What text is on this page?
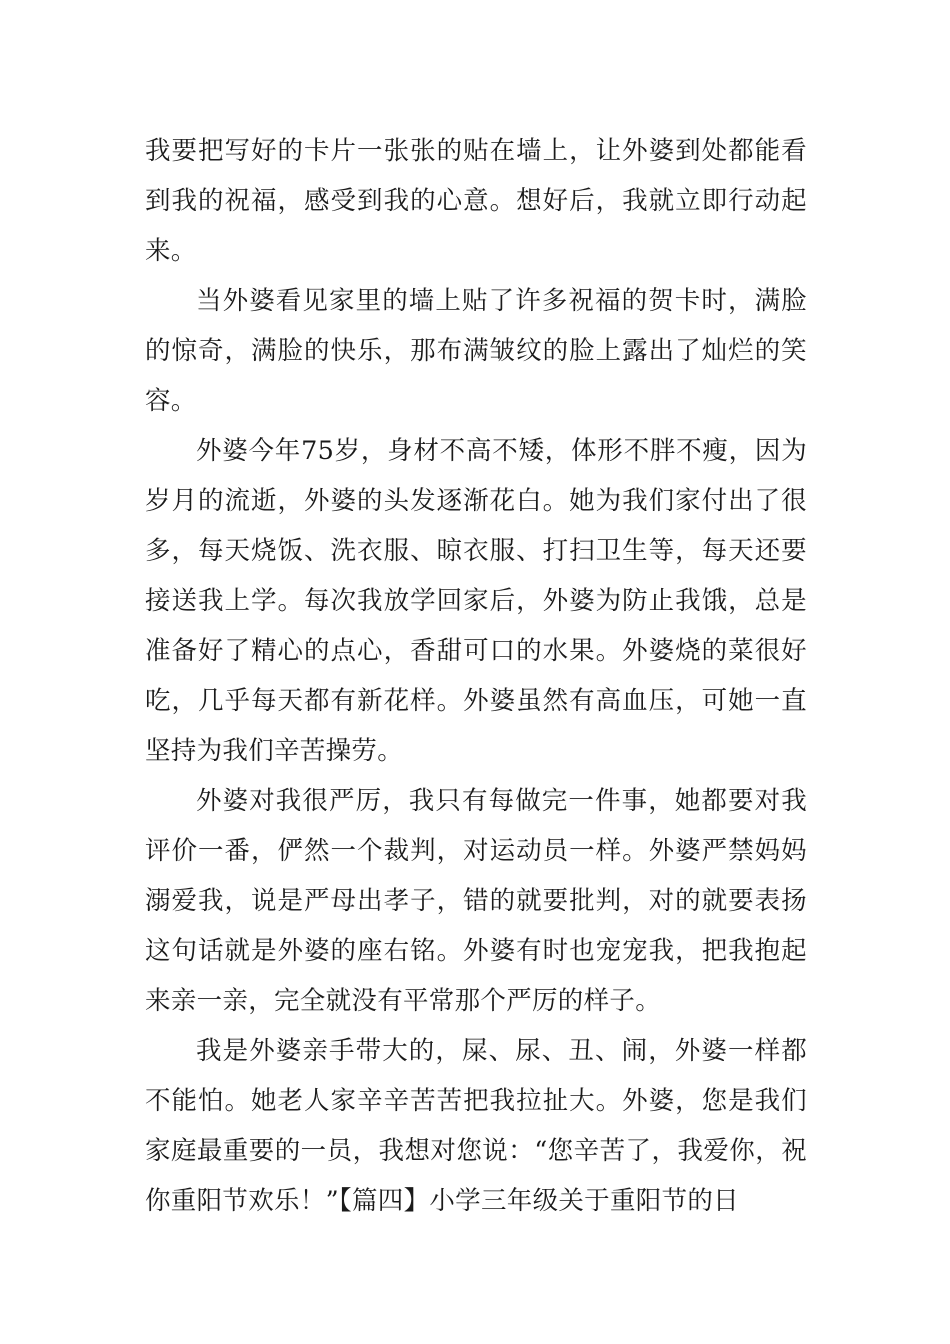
我要把写好的卡片一张张的贴在墙上，让外婆到处都能看到我的祝福，感受到我的心意。想好后，我就立即行动起来。

当外婆看见家里的墙上贴了许多祝福的贺卡时，满脸的惊奇，满脸的快乐，那布满皱纹的脸上露出了灿烂的笑容。

外婆今年75岁，身材不高不矮，体形不胖不瘦，因为岁月的流逝，外婆的头发逐渐花白。她为我们家付出了很多，每天烧饭、洗衣服、晾衣服、打扫卫生等，每天还要接送我上学。每次我放学回家后，外婆为防止我饿，总是准备好了精心的点心，香甜可口的水果。外婆烧的菜很好吃，几乎每天都有新花样。外婆虽然有高血压，可她一直坚持为我们辛苦操劳。

外婆对我很严厉，我只有每做完一件事，她都要对我评价一番，俨然一个裁判，对运动员一样。外婆严禁妈妈溺爱我，说是严母出孝子，错的就要批判，对的就要表扬这句话就是外婆的座右铭。外婆有时也宠宠我，把我抱起来亲一亲，完全就没有平常那个严厉的样子。

我是外婆亲手带大的，屎、尿、丑、闹，外婆一样都不能怕。她老人家辛辛苦苦把我拉扯大。外婆，您是我们家庭最重要的一员，我想对您说：“您辛苦了，我爱你，祝你重阳节欢乐！”【篇四】小学三年级关于重阳节的日
